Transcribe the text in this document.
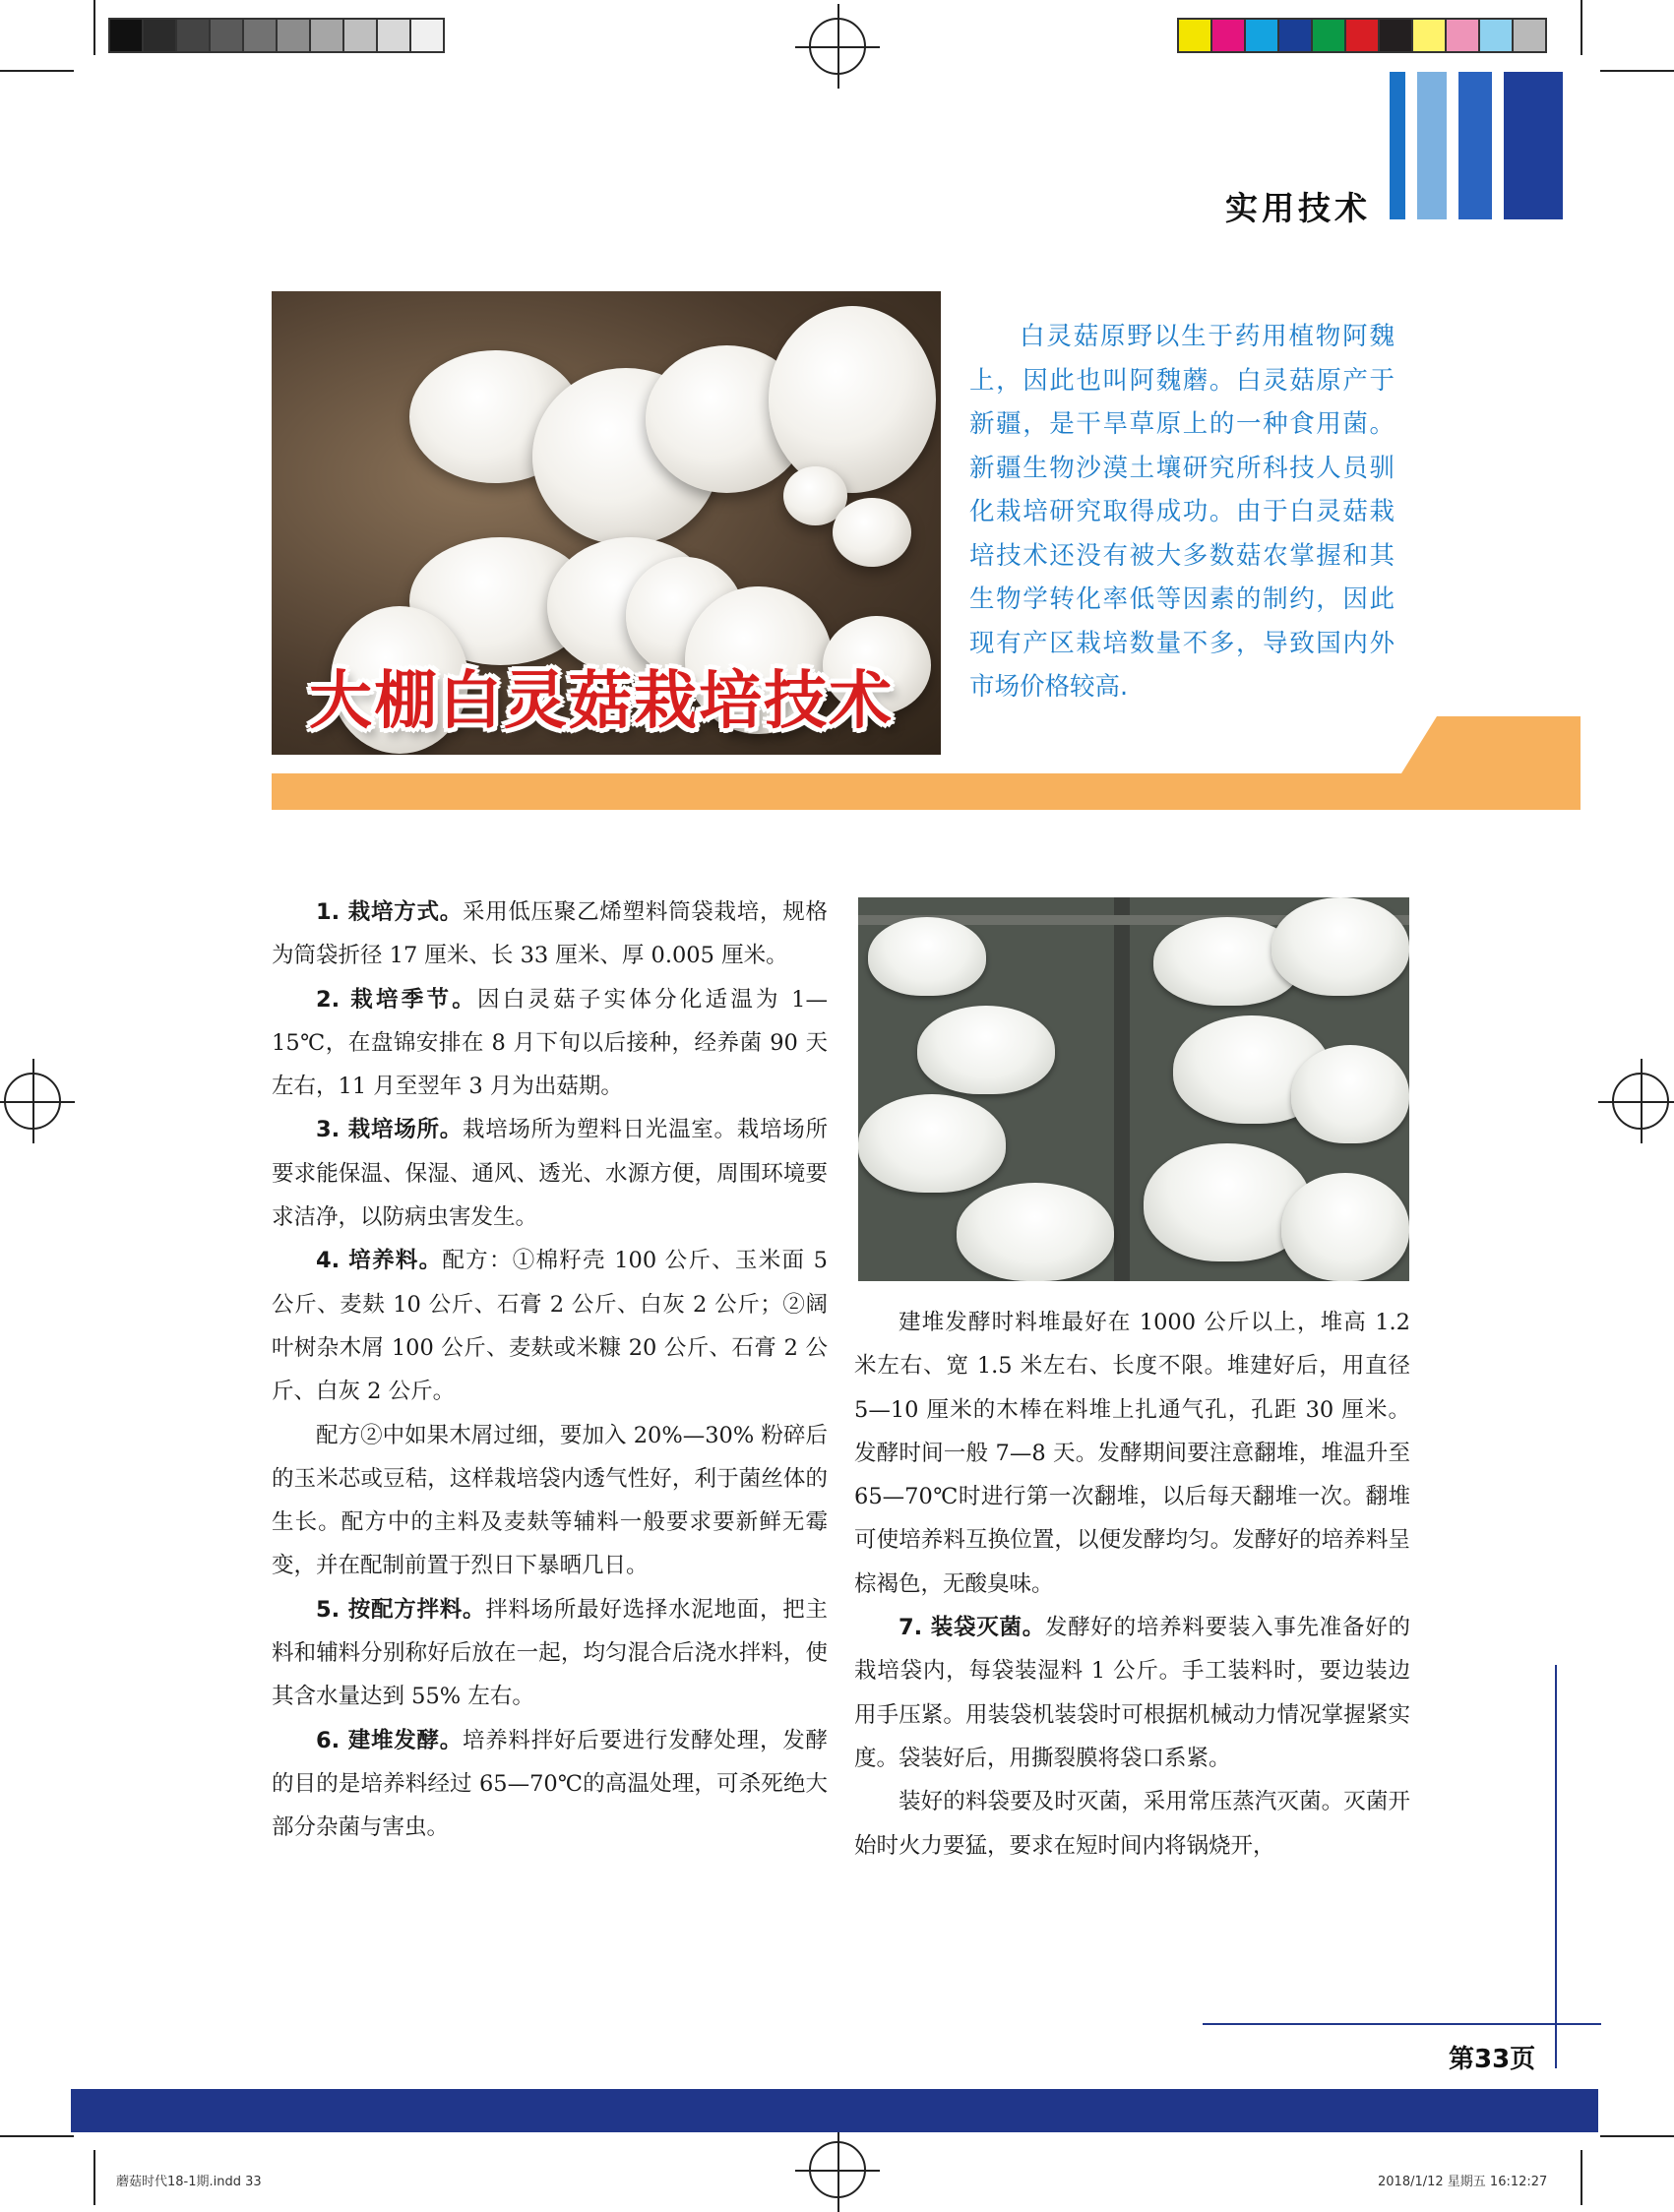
实用技术
大棚白灵菇栽培技术

白灵菇原野以生于药用植物阿魏上，因此也叫阿魏蘑。白灵菇原产于新疆，是干旱草原上的一种食用菌。新疆生物沙漠土壤研究所科技人员驯化栽培研究取得成功。由于白灵菇栽培技术还没有被大多数菇农掌握和其生物学转化率低等因素的制约，因此现有产区栽培数量不多，导致国内外市场价格较高.

1. 栽培方式。采用低压聚乙烯塑料筒袋栽培，规格为筒袋折径 17 厘米、长 33 厘米、厚 0.005 厘米。

2. 栽培季节。因白灵菇子实体分化适温为 1—15℃，在盘锦安排在 8 月下旬以后接种，经养菌 90 天左右，11 月至翌年 3 月为出菇期。

3. 栽培场所。栽培场所为塑料日光温室。栽培场所要求能保温、保湿、通风、透光、水源方便，周围环境要求洁净，以防病虫害发生。

4. 培养料。配方：①棉籽壳 100 公斤、玉米面 5 公斤、麦麸 10 公斤、石膏 2 公斤、白灰 2 公斤；②阔叶树杂木屑 100 公斤、麦麸或米糠 20 公斤、石膏 2 公斤、白灰 2 公斤。

配方②中如果木屑过细，要加入 20%—30% 粉碎后的玉米芯或豆秸，这样栽培袋内透气性好，利于菌丝体的生长。配方中的主料及麦麸等辅料一般要求要新鲜无霉变，并在配制前置于烈日下暴晒几日。

5. 按配方拌料。拌料场所最好选择水泥地面，把主料和辅料分别称好后放在一起，均匀混合后浇水拌料，使其含水量达到 55% 左右。

6. 建堆发酵。培养料拌好后要进行发酵处理，发酵的目的是培养料经过 65—70℃的高温处理，可杀死绝大部分杂菌与害虫。

建堆发酵时料堆最好在 1000 公斤以上，堆高 1.2 米左右、宽 1.5 米左右、长度不限。堆建好后，用直径 5—10 厘米的木棒在料堆上扎通气孔，孔距 30 厘米。发酵时间一般 7—8 天。发酵期间要注意翻堆，堆温升至 65—70℃时进行第一次翻堆，以后每天翻堆一次。翻堆可使培养料互换位置，以便发酵均匀。发酵好的培养料呈棕褐色，无酸臭味。

7. 装袋灭菌。发酵好的培养料要装入事先准备好的栽培袋内，每袋装湿料 1 公斤。手工装料时，要边装边用手压紧。用装袋机装袋时可根据机械动力情况掌握紧实度。袋装好后，用撕裂膜将袋口系紧。

装好的料袋要及时灭菌，采用常压蒸汽灭菌。灭菌开始时火力要猛，要求在短时间内将锅烧开，

第33页
蘑菇时代18-1期.indd 33	2018/1/12 星期五 16:12:27
